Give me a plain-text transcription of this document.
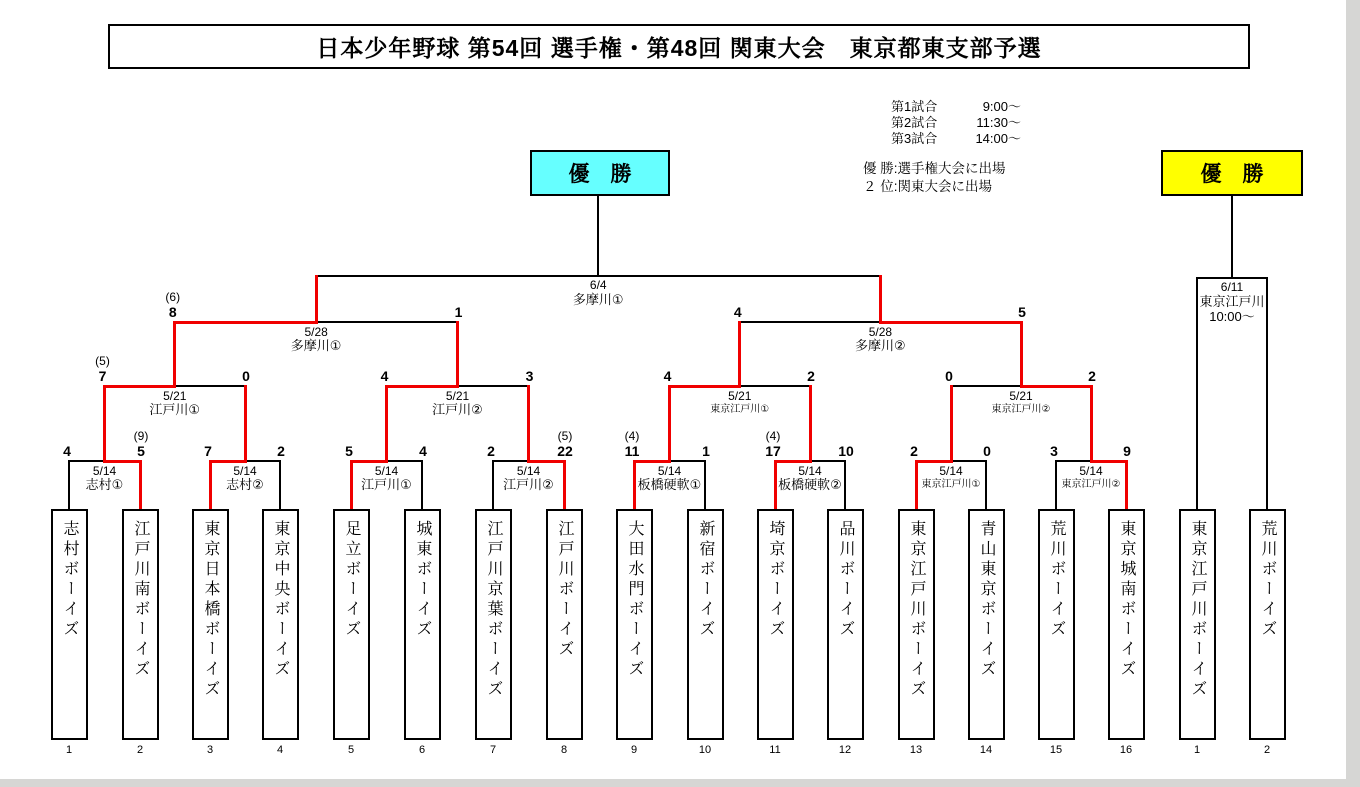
日本少年野球 第54回 選手権・第48回 関東大会　東京都東支部予選
第1試合	9:00～
第2試合	11:30～
第3試合	14:00～
優 勝:選手権大会に出場
２ 位:関東大会に出場
優　勝	優　勝
4	5
(9)
5/14
志村①
7	2
5/14
志村②
5	4
5/14
江戸川①
2	22
(5)
5/14
江戸川②
11	1
(4)
5/14
板橋硬軟①
17	10
(4)
5/14
板橋硬軟②
2	0
5/14
東京江戸川①
3	9
5/14
東京江戸川②
7	0
(5)
5/21
江戸川①
4	3
5/21
江戸川②
4	2
5/21
東京江戸川①
0	2
5/21
東京江戸川②
8	1
(6)
5/28
多摩川①
4	5
5/28
多摩川②
6/4
多摩川①
6/11
東京江戸川
10:00～
志村ボーイズ
1
江戸川南ボーイズ
2
東京日本橋ボーイズ
3
東京中央ボーイズ
4
足立ボーイズ
5
城東ボーイズ
6
江戸川京葉ボーイズ
7
江戸川ボーイズ
8
大田水門ボーイズ
9
新宿ボーイズ
10
埼京ボーイズ
11
品川ボーイズ
12
東京江戸川ボーイズ
13
青山東京ボーイズ
14
荒川ボーイズ
15
東京城南ボーイズ
16
東京江戸川ボーイズ
1
荒川ボーイズ
2
